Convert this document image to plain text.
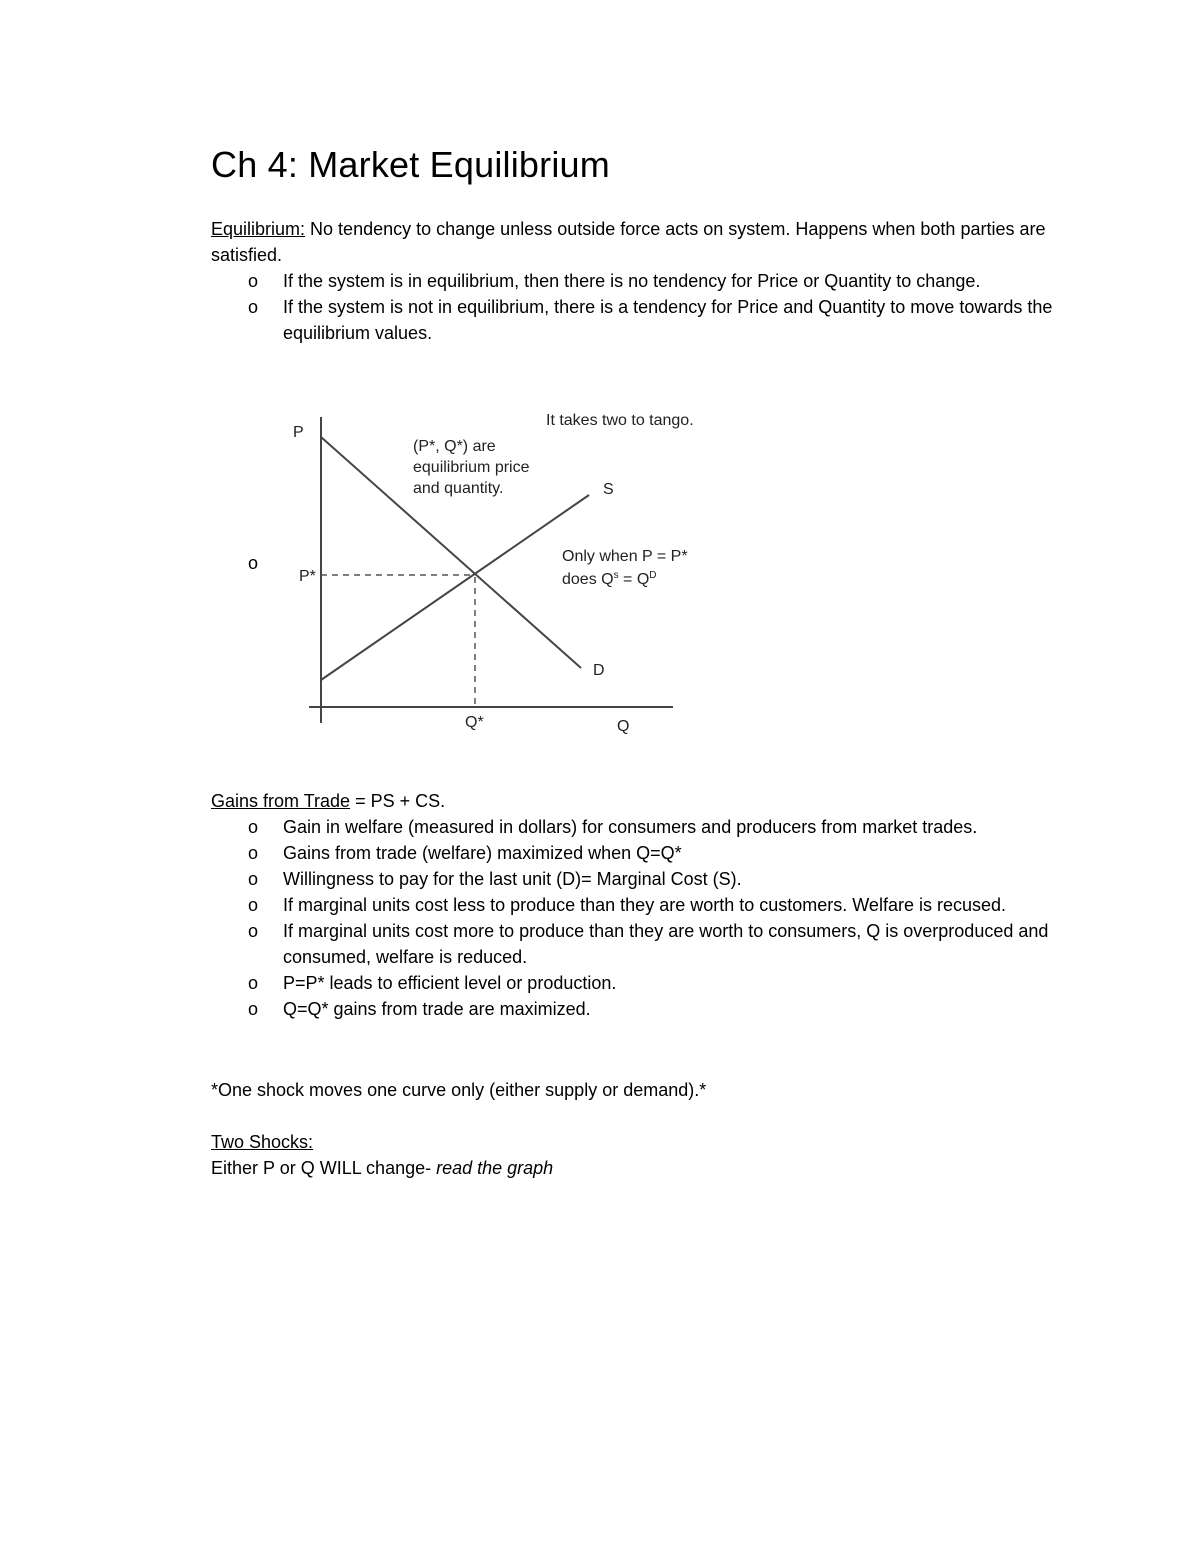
Ch 4: Market Equilibrium
Equilibrium: No tendency to change unless outside force acts on system. Happens when both parties are satisfied.
o If the system is in equilibrium, then there is no tendency for Price or Quantity to change.
o If the system is not in equilibrium, there is a tendency for Price and Quantity to move towards the equilibrium values.
o
P
Q
P*
Q*
S
D
It takes two to tango.
(P*, Q*) are
equilibrium price
and quantity.
Only when P = P*
does $Q^s = Q^D$
Gains from Trade = PS + CS.
o Gain in welfare (measured in dollars) for consumers and producers from market trades.
o Gains from trade (welfare) maximized when Q=Q*
o Willingness to pay for the last unit (D)= Marginal Cost (S).
o If marginal units cost less to produce than they are worth to customers. Welfare is recused.
o If marginal units cost more to produce than they are worth to consumers, Q is overproduced and consumed, welfare is reduced.
o P=P* leads to efficient level or production.
o Q=Q* gains from trade are maximized.
*One shock moves one curve only (either supply or demand).*
Two Shocks:
Either P or Q WILL change- read the graph
